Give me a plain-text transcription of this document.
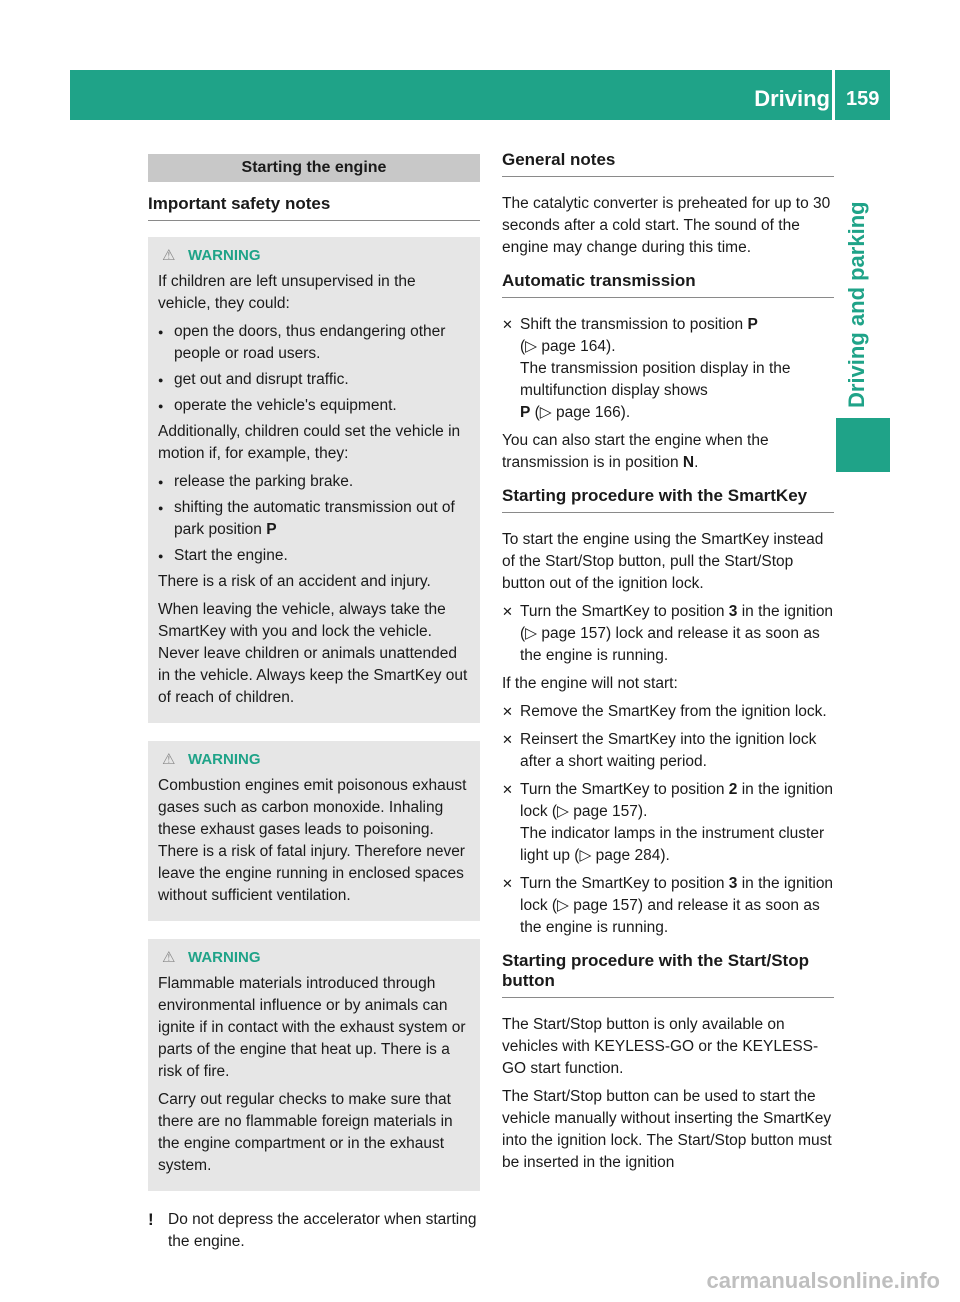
Driving 159
Driving and parking
Starting the engine
Important safety notes
⚠ WARNING

If children are left unsupervised in the vehicle, they could:

● open the doors, thus endangering other people or road users.
● get out and disrupt traffic.
● operate the vehicle's equipment.

Additionally, children could set the vehicle in motion if, for example, they:

● release the parking brake.
● shifting the automatic transmission out of park position P
● Start the engine.

There is a risk of an accident and injury.

When leaving the vehicle, always take the SmartKey with you and lock the vehicle. Never leave children or animals unattended in the vehicle. Always keep the SmartKey out of reach of children.

⚠ WARNING

Combustion engines emit poisonous exhaust gases such as carbon monoxide. Inhaling these exhaust gases leads to poisoning. There is a risk of fatal injury. Therefore never leave the engine running in enclosed spaces without sufficient ventilation.

⚠ WARNING

Flammable materials introduced through environmental influence or by animals can ignite if in contact with the exhaust system or parts of the engine that heat up. There is a risk of fire.

Carry out regular checks to make sure that there are no flammable foreign materials in the engine compartment or in the exhaust system.

! Do not depress the accelerator when starting the engine.
General notes

The catalytic converter is preheated for up to 30 seconds after a cold start. The sound of the engine may change during this time.

Automatic transmission
✕ Shift the transmission to position P
(▷ page 164).
The transmission position display in the multifunction display shows
P (▷ page 166).

You can also start the engine when the transmission is in position N.

Starting procedure with the SmartKey

To start the engine using the SmartKey instead of the Start/Stop button, pull the Start/Stop button out of the ignition lock.

✕ Turn the SmartKey to position 3 in the ignition (▷ page 157) lock and release it as soon as the engine is running.

If the engine will not start:

✕ Remove the SmartKey from the ignition lock.
✕ Reinsert the SmartKey into the ignition lock after a short waiting period.
✕ Turn the SmartKey to position 2 in the ignition lock (▷ page 157).
The indicator lamps in the instrument cluster light up (▷ page 284).
✕ Turn the SmartKey to position 3 in the ignition lock (▷ page 157) and release it as soon as the engine is running.
Starting procedure with the Start/Stop button

The Start/Stop button is only available on vehicles with KEYLESS-GO or the KEYLESS-GO start function.

The Start/Stop button can be used to start the vehicle manually without inserting the SmartKey into the ignition lock. The Start/Stop button must be inserted in the ignition

carmanualsonline.info
